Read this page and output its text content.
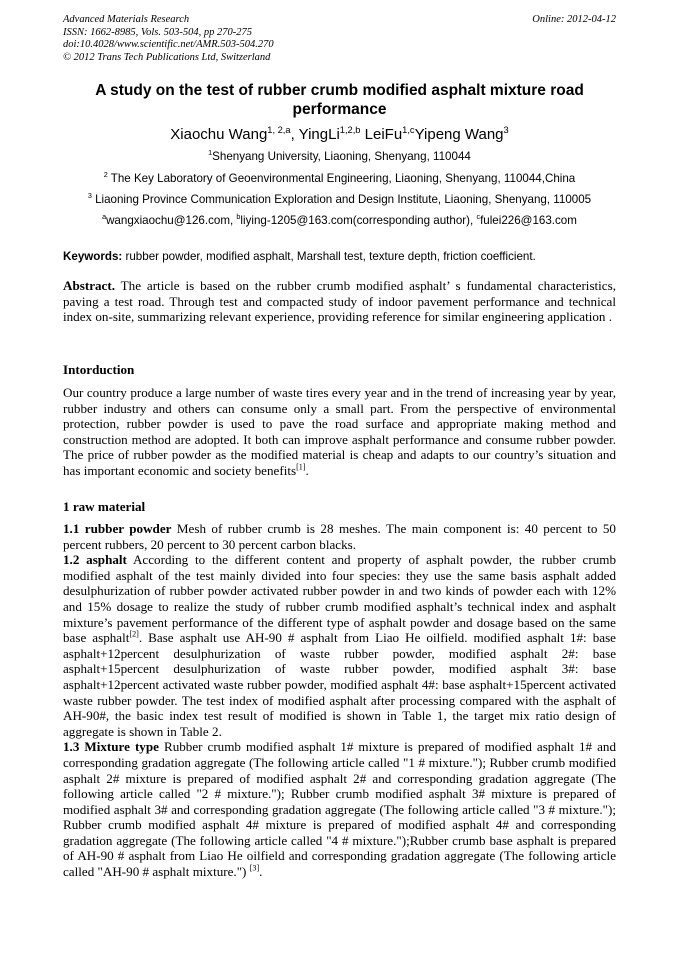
Advanced Materials Research
ISSN: 1662-8985, Vols. 503-504, pp 270-275
doi:10.4028/www.scientific.net/AMR.503-504.270
© 2012 Trans Tech Publications Ltd, Switzerland
Online: 2012-04-12
A study on the test of rubber crumb modified asphalt mixture road performance
Xiaochu Wang$^{1, 2,a}$, YingLi$^{1,2,b}$ LeiFu$^{1,c}$Yipeng Wang$^3$
$^1$Shenyang University, Liaoning, Shenyang, 110044
$^2$ The Key Laboratory of Geoenvironmental Engineering, Liaoning, Shenyang, 110044,China
$^3$ Liaoning Province Communication Exploration and Design Institute, Liaoning, Shenyang, 110005
$^a$wangxiaochu@126.com, $^b$liying-1205@163.com(corresponding author), $^c$fulei226@163.com
Keywords: rubber powder, modified asphalt, Marshall test, texture depth, friction coefficient.
Abstract. The article is based on the rubber crumb modified asphalt’ s fundamental characteristics, paving a test road. Through test and compacted study of indoor pavement performance and technical index on-site, summarizing relevant experience, providing reference for similar engineering application .
Intorduction
Our country produce a large number of waste tires every year and in the trend of increasing year by year, rubber industry and others can consume only a small part. From the perspective of environmental protection, rubber powder is used to pave the road surface and appropriate making method and construction method are adopted. It both can improve asphalt performance and consume rubber powder. The price of rubber powder as the modified material is cheap and adapts to our country’s situation and has important economic and society benefits[1].
1 raw material
1.1 rubber powder Mesh of rubber crumb is 28 meshes. The main component is: 40 percent to 50 percent rubbers, 20 percent to 30 percent carbon blacks.
1.2 asphalt According to the different content and property of asphalt powder, the rubber crumb modified asphalt of the test mainly divided into four species: they use the same basis asphalt added desulphurization of rubber powder activated rubber powder in and two kinds of powder each with 12% and 15% dosage to realize the study of rubber crumb modified asphalt’s technical index and asphalt mixture’s pavement performance of the different type of asphalt powder and dosage based on the same base asphalt[2]. Base asphalt use AH-90 # asphalt from Liao He oilfield. modified asphalt 1#: base asphalt+12percent desulphurization of waste rubber powder, modified asphalt 2#: base asphalt+15percent desulphurization of waste rubber powder, modified asphalt 3#: base asphalt+12percent activated waste rubber powder, modified asphalt 4#: base asphalt+15percent activated waste rubber powder. The test index of modified asphalt after processing compared with the asphalt of AH-90#, the basic index test result of modified is shown in Table 1, the target mix ratio design of aggregate is shown in Table 2.
1.3 Mixture type Rubber crumb modified asphalt 1# mixture is prepared of modified asphalt 1# and corresponding gradation aggregate (The following article called "1 # mixture."); Rubber crumb modified asphalt 2# mixture is prepared of modified asphalt 2# and corresponding gradation aggregate (The following article called "2 # mixture."); Rubber crumb modified asphalt 3# mixture is prepared of modified asphalt 3# and corresponding gradation aggregate (The following article called "3 # mixture."); Rubber crumb modified asphalt 4# mixture is prepared of modified asphalt 4# and corresponding gradation aggregate (The following article called "4 # mixture.");Rubber crumb base asphalt is prepared of AH-90 # asphalt from Liao He oilfield and corresponding gradation aggregate (The following article called "AH-90 # asphalt mixture.") [3].
